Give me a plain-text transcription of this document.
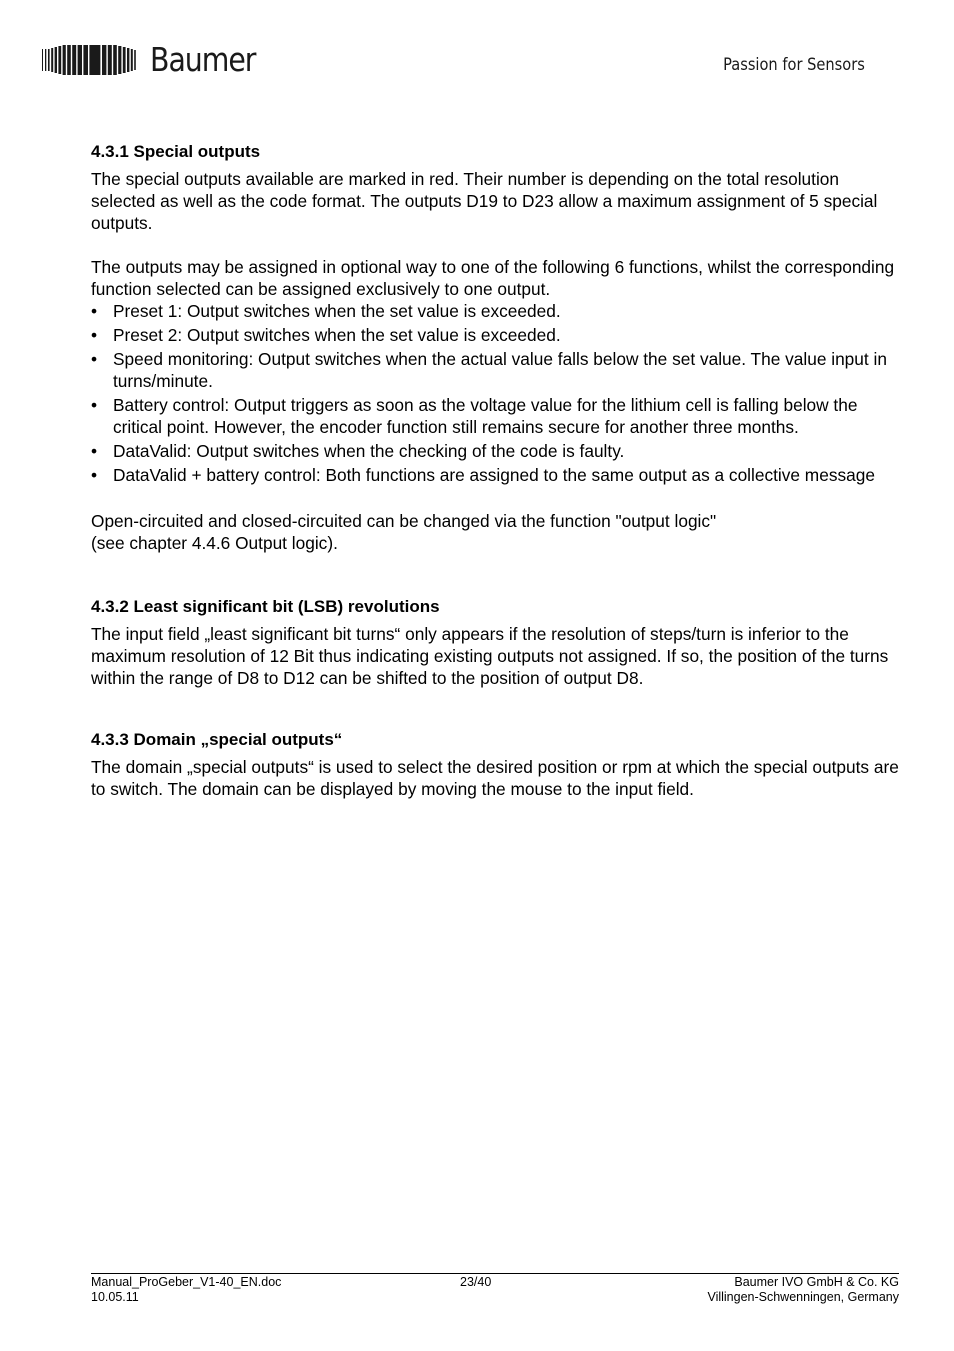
Baumer	Passion for Sensors
4.3.1 Special outputs

The special outputs available are marked in red. Their number is depending on the total resolution selected as well as the code format. The outputs D19 to D23 allow a maximum assignment of 5 special outputs.

The outputs may be assigned in optional way to one of the following 6 functions, whilst the corresponding function selected can be assigned exclusively to one output.

• Preset 1: Output switches when the set value is exceeded.
• Preset 2: Output switches when the set value is exceeded.
• Speed monitoring: Output switches when the actual value falls below the set value. The value input in turns/minute.
• Battery control: Output triggers as soon as the voltage value for the lithium cell is falling below the critical point. However, the encoder function still remains secure for another three months.
• DataValid: Output switches when the checking of the code is faulty.
• DataValid + battery control: Both functions are assigned to the same output as a collective message

Open-circuited and closed-circuited can be changed via the function "output logic"

(see chapter 4.4.6 Output logic).

4.3.2 Least significant bit (LSB) revolutions

The input field „least significant bit turns“ only appears if the resolution of steps/turn is inferior to the maximum resolution of 12 Bit thus indicating existing outputs not assigned. If so, the position of the turns within the range of D8 to D12 can be shifted to the position of output D8.

4.3.3 Domain „special outputs“

The domain „special outputs“ is used to select the desired position or rpm at which the special outputs are to switch. The domain can be displayed by moving the mouse to the input field.

Manual_ProGeber_V1-40_EN.doc
10.05.11
23/40	Baumer IVO GmbH & Co. KG
Villingen-Schwenningen, Germany
